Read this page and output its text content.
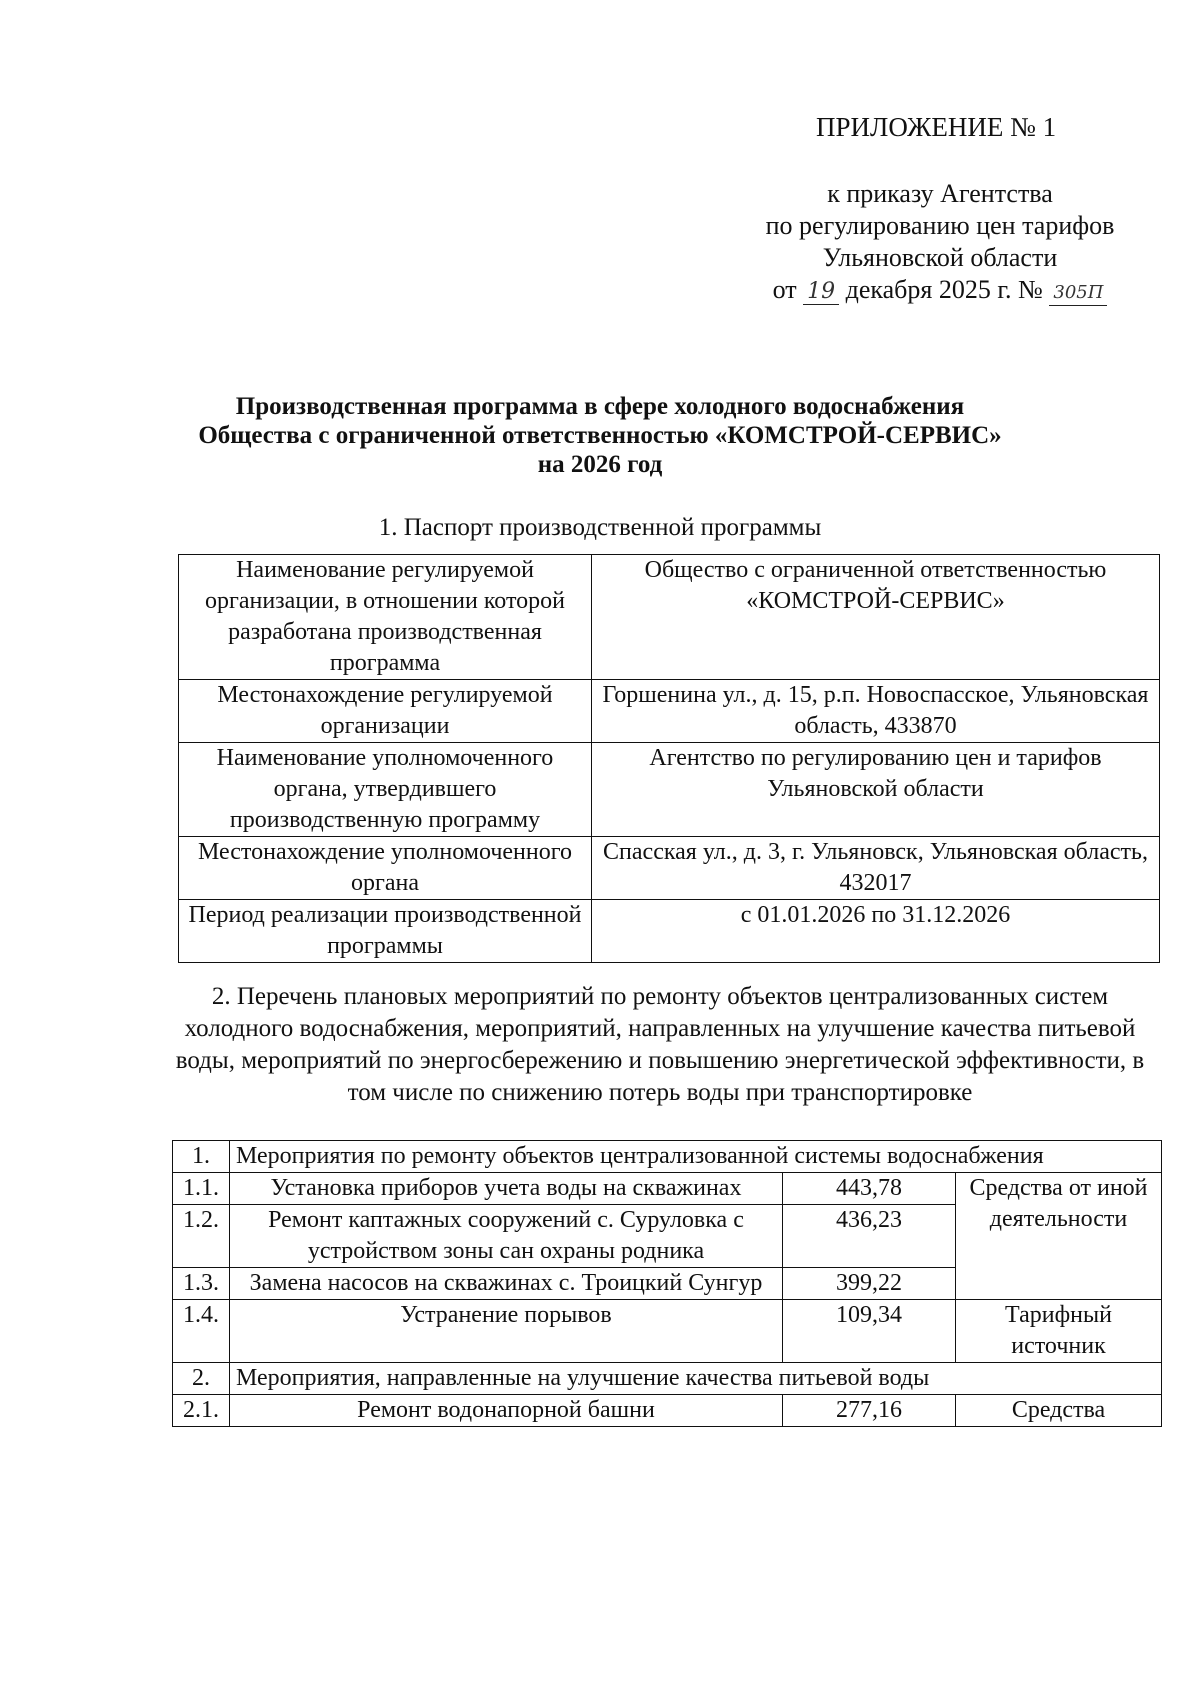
ПРИЛОЖЕНИЕ № 1
к приказу Агентства
по регулированию цен тарифов
Ульяновской области
от 19 декабря 2025 г. № 305П
Производственная программа в сфере холодного водоснабжения
Общества с ограниченной ответственностью «КОМСТРОЙ-СЕРВИС»
на 2026 год
1. Паспорт производственной программы
Наименование регулируемой организации, в отношении которой разработана производственная программа	Общество с ограниченной ответственностью «КОМСТРОЙ-СЕРВИС»
Местонахождение регулируемой организации	Горшенина ул., д. 15, р.п. Новоспасское, Ульяновская область, 433870
Наименование уполномоченного органа, утвердившего производственную программу	Агентство по регулированию цен и тарифов Ульяновской области
Местонахождение уполномоченного органа	Спасская ул., д. 3, г. Ульяновск, Ульяновская область, 432017
Период реализации производственной программы	с 01.01.2026 по 31.12.2026
2. Перечень плановых мероприятий по ремонту объектов централизованных систем холодного водоснабжения, мероприятий, направленных на улучшение качества питьевой воды, мероприятий по энергосбережению и повышению энергетической эффективности, в том числе по снижению потерь воды при транспортировке
1.	Мероприятия по ремонту объектов централизованной системы водоснабжения		
1.1.	Установка приборов учета воды на скважинах	443,78	Средства от иной деятельности
1.2.	Ремонт каптажных сооружений с. Суруловка с устройством зоны сан охраны родника	436,23	
1.3.	Замена насосов на скважинах с. Троицкий Сунгур	399,22	
1.4.	Устранение порывов	109,34	Тарифный источник
2.	Мероприятия, направленные на улучшение качества питьевой воды		
2.1.	Ремонт водонапорной башни	277,16	Средства
